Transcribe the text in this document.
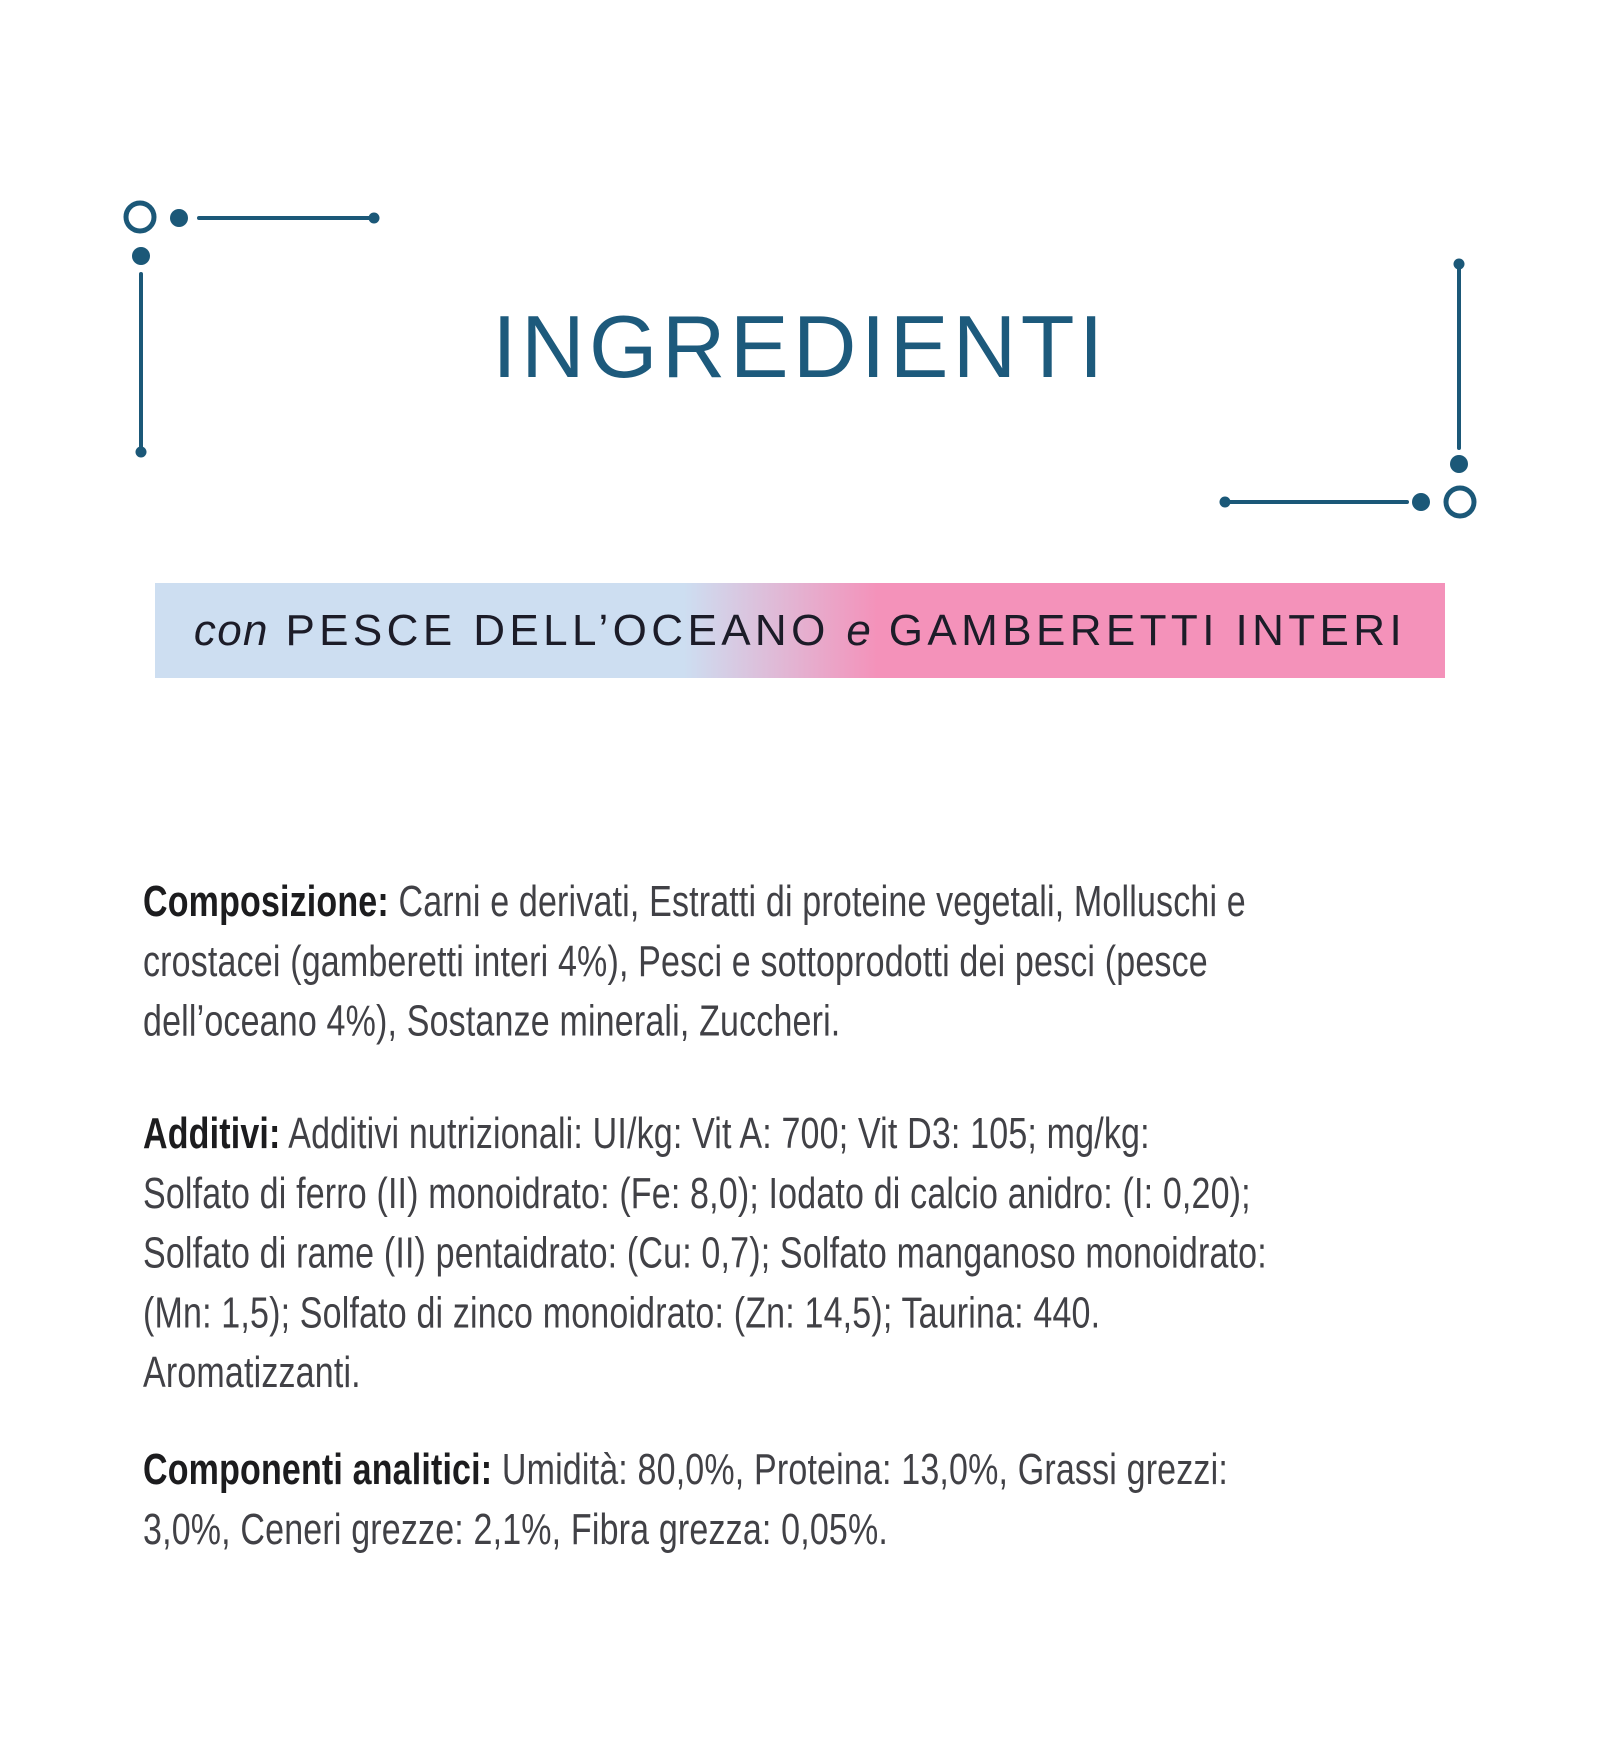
INGREDIENTI
con PESCE DELL’OCEANO e GAMBERETTI INTERI
Composizione: Carni e derivati, Estratti di proteine vegetali, Molluschi e
crostacei (gamberetti interi 4%), Pesci e sottoprodotti dei pesci (pesce
dell’oceano 4%), Sostanze minerali, Zuccheri.
Additivi: Additivi nutrizionali: UI/kg: Vit A: 700; Vit D3: 105; mg/kg:
Solfato di ferro (II) monoidrato: (Fe: 8,0); Iodato di calcio anidro: (I: 0,20);
Solfato di rame (II) pentaidrato: (Cu: 0,7); Solfato manganoso monoidrato:
(Mn: 1,5); Solfato di zinco monoidrato: (Zn: 14,5); Taurina: 440.
Aromatizzanti.
Componenti analitici: Umidità: 80,0%, Proteina: 13,0%, Grassi grezzi:
3,0%, Ceneri grezze: 2,1%, Fibra grezza: 0,05%.
